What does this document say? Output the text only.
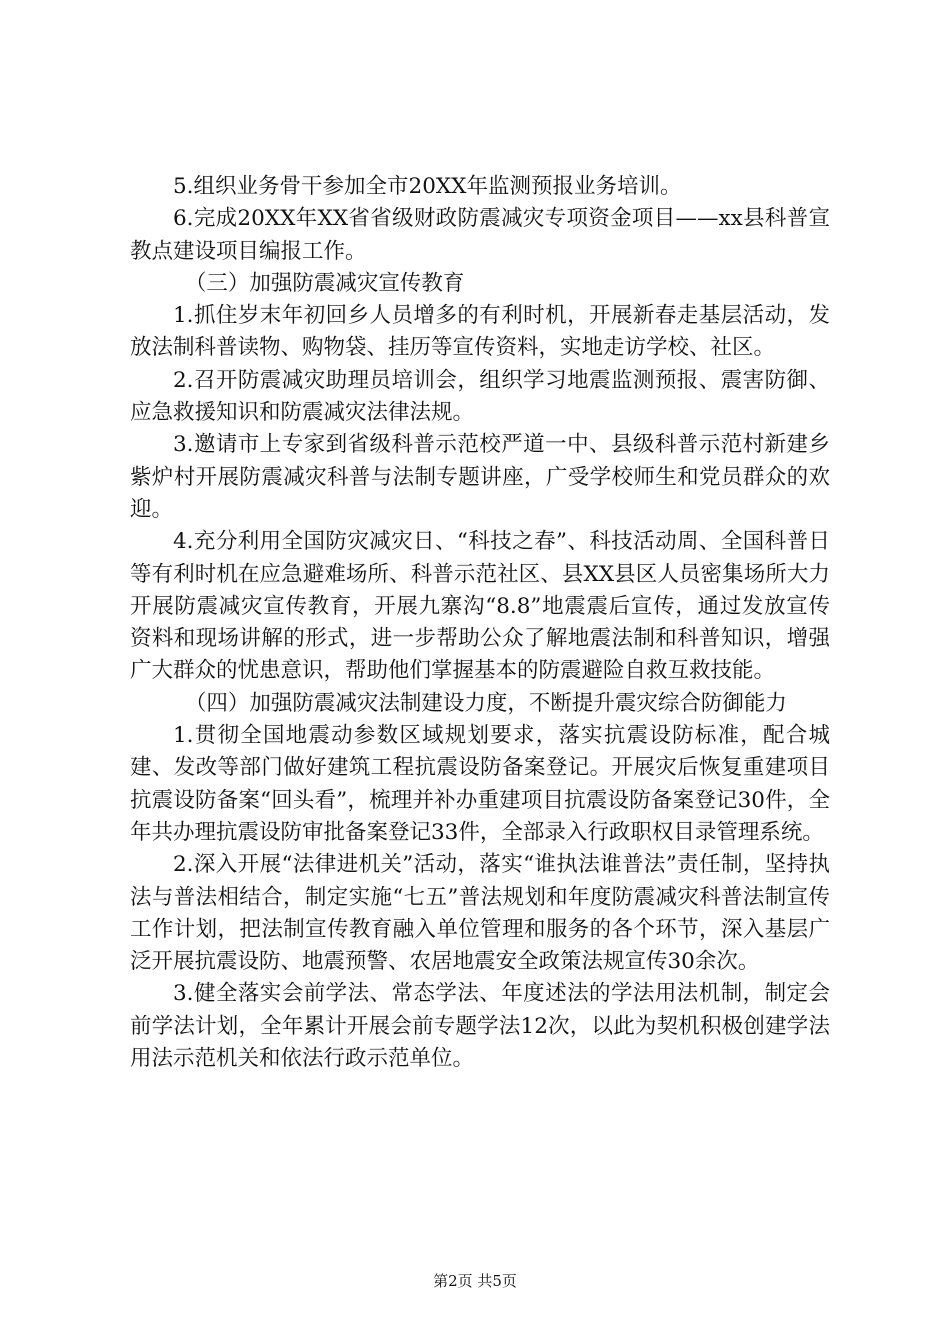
5.组织业务骨干参加全市20XX年监测预报业务培训。

6.完成20XX年XX省省级财政防震减灾专项资金项目——xx县科普宣教点建设项目编报工作。

（三）加强防震减灾宣传教育

1.抓住岁末年初回乡人员增多的有利时机，开展新春走基层活动，发放法制科普读物、购物袋、挂历等宣传资料，实地走访学校、社区。

2.召开防震减灾助理员培训会，组织学习地震监测预报、震害防御、应急救援知识和防震减灾法律法规。

3.邀请市上专家到省级科普示范校严道一中、县级科普示范村新建乡紫炉村开展防震减灾科普与法制专题讲座，广受学校师生和党员群众的欢迎。

4.充分利用全国防灾减灾日、“科技之春”、科技活动周、全国科普日等有利时机在应急避难场所、科普示范社区、县XX县区人员密集场所大力开展防震减灾宣传教育，开展九寨沟“8.8”地震震后宣传，通过发放宣传资料和现场讲解的形式，进一步帮助公众了解地震法制和科普知识，增强广大群众的忧患意识，帮助他们掌握基本的防震避险自救互救技能。

（四）加强防震减灾法制建设力度，不断提升震灾综合防御能力

1.贯彻全国地震动参数区域规划要求，落实抗震设防标准，配合城建、发改等部门做好建筑工程抗震设防备案登记。开展灾后恢复重建项目抗震设防备案“回头看”，梳理并补办重建项目抗震设防备案登记30件，全年共办理抗震设防审批备案登记33件，全部录入行政职权目录管理系统。

2.深入开展“法律进机关”活动，落实“谁执法谁普法”责任制，坚持执法与普法相结合，制定实施“七五”普法规划和年度防震减灾科普法制宣传工作计划，把法制宣传教育融入单位管理和服务的各个环节，深入基层广泛开展抗震设防、地震预警、农居地震安全政策法规宣传30余次。

3.健全落实会前学法、常态学法、年度述法的学法用法机制，制定会前学法计划，全年累计开展会前专题学法12次，以此为契机积极创建学法用法示范机关和依法行政示范单位。

第2页 共5页
